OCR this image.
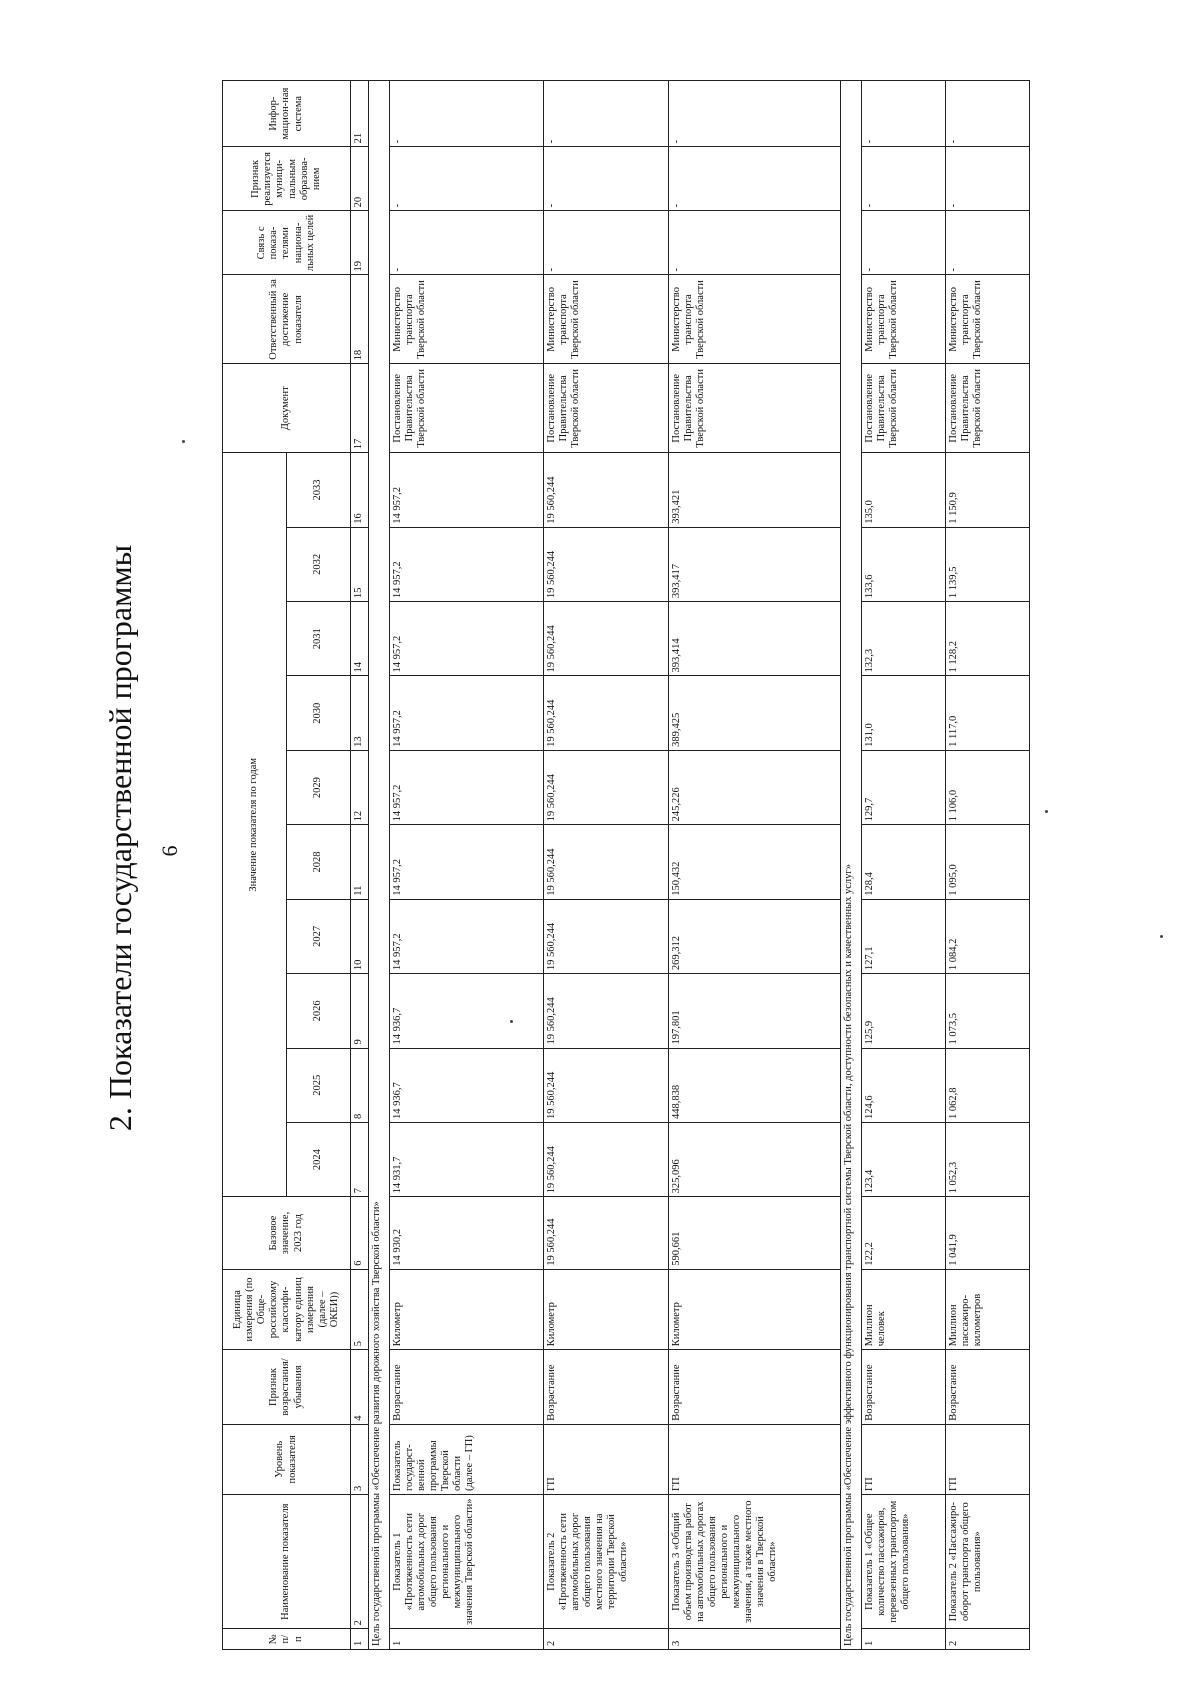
6
2. Показатели государственной программы
№ п/п	Наименование показателя	Уровень показателя	Признак возрастания/ убывания	Единица измерения (по Обще-российскому классифи-катору единиц измерения (далее – ОКЕИ))	Базовое значение, 2023 год	Значение показателя по годам										Документ	Ответственный за достижение показателя	Связь с показа-телями национа-льных целей	Признак реализуется муници-пальным образова-нием	Инфор-мацион-ная система
						2024	2025	2026	2027	2028	2029	2030	2031	2032	2033					
1	2	3	4	5	6	7	8	9	10	11	12	13	14	15	16	17	18	19	20	21
Цель государственной программы «Обеспечение развития дорожного хозяйства Тверской области»																				
1	Показатель 1 «Протяженность сети автомобильных дорог общего пользования регионального и межмуниципального значения Тверской области»	Показатель государст-венной программы Тверской области (далее – ГП)	Возрастание	Километр	14 930,2	14 931,7	14 936,7	14 936,7	14 957,2	14 957,2	14 957,2	14 957,2	14 957,2	14 957,2	14 957,2	Постановление Правительства Тверской области	Министерство транспорта Тверской области	-	-	-
2	Показатель 2 «Протяженность сети автомобильных дорог общего пользования местного значения на территории Тверской области»	ГП	Возрастание	Километр	19 560,244	19 560,244	19 560,244	19 560,244	19 560,244	19 560,244	19 560,244	19 560,244	19 560,244	19 560,244	19 560,244	Постановление Правительства Тверской области	Министерство транспорта Тверской области	-	-	-
3	Показатель 3 «Общий объем производства работ на автомобильных дорогах общего пользования регионального и межмуниципального значения, а также местного значения в Тверской области»	ГП	Возрастание	Километр	590,661	325,096	448,838	197,801	269,312	150,432	245,226	389,425	393,414	393,417	393,421	Постановление Правительства Тверской области	Министерство транспорта Тверской области	-	-	-
Цель государственной программы «Обеспечение эффективного функционирования транспортной системы Тверской области, доступности безопасных и качественных услуг»																				
1	Показатель 1 «Общее количество пассажиров, перевезенных транспортом общего пользования»	ГП	Возрастание	Миллион человек	122,2	123,4	124,6	125,9	127,1	128,4	129,7	131,0	132,3	133,6	135,0	Постановление Правительства Тверской области	Министерство транспорта Тверской области	-	-	-
2	Показатель 2 «Пассажиро-оборот транспорта общего пользования»	ГП	Возрастание	Миллион пассажиро-километров	1 041,9	1 052,3	1 062,8	1 073,5	1 084,2	1 095,0	1 106,0	1 117,0	1 128,2	1 139,5	1 150,9	Постановление Правительства Тверской области	Министерство транспорта Тверской области	-	-	-
